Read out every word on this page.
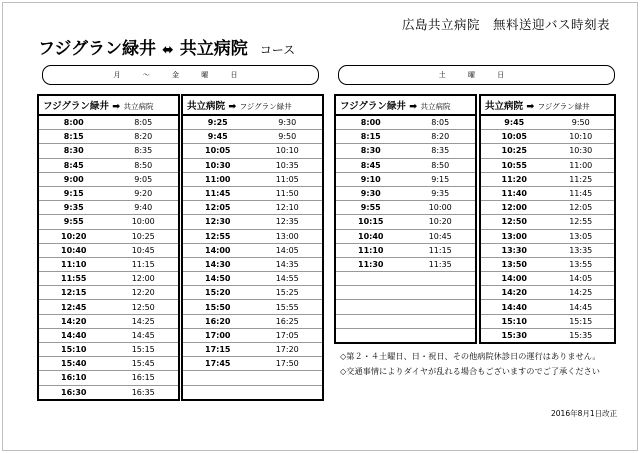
広島共立病院　無料送迎バス時刻表
フジグラン緑井 ⬌ 共立病院 コース
月 ～ 金 曜 日	土 曜 日
フジグラン緑井 ➡ 共立病院	
8:00	8:05
8:15	8:20
8:30	8:35
8:45	8:50
9:00	9:05
9:15	9:20
9:35	9:40
9:55	10:00
10:20	10:25
10:40	10:45
11:10	11:15
11:55	12:00
12:15	12:20
12:45	12:50
14:20	14:25
14:40	14:45
15:10	15:15
15:40	15:45
16:10	16:15
16:30	16:35
共立病院 ➡ フジグラン緑井	
9:25	9:30
9:45	9:50
10:05	10:10
10:30	10:35
11:00	11:05
11:45	11:50
12:05	12:10
12:30	12:35
12:55	13:00
14:00	14:05
14:30	14:35
14:50	14:55
15:20	15:25
15:50	15:55
16:20	16:25
17:00	17:05
17:15	17:20
17:45	17:50

フジグラン緑井 ➡ 共立病院	
8:00	8:05
8:15	8:20
8:30	8:35
8:45	8:50
9:10	9:15
9:30	9:35
9:55	10:00
10:15	10:20
10:40	10:45
11:10	11:15
11:30	11:35

共立病院 ➡ フジグラン緑井	
9:45	9:50
10:05	10:10
10:25	10:30
10:55	11:00
11:20	11:25
11:40	11:45
12:00	12:05
12:50	12:55
13:00	13:05
13:30	13:35
13:50	13:55
14:00	14:05
14:20	14:25
14:40	14:45
15:10	15:15
15:30	15:35
◇第２・４土曜日、日・祝日、その他病院休診日の運行はありません。
◇交通事情によりダイヤが乱れる場合もございますのでご了承ください
2016年8月1日改正
